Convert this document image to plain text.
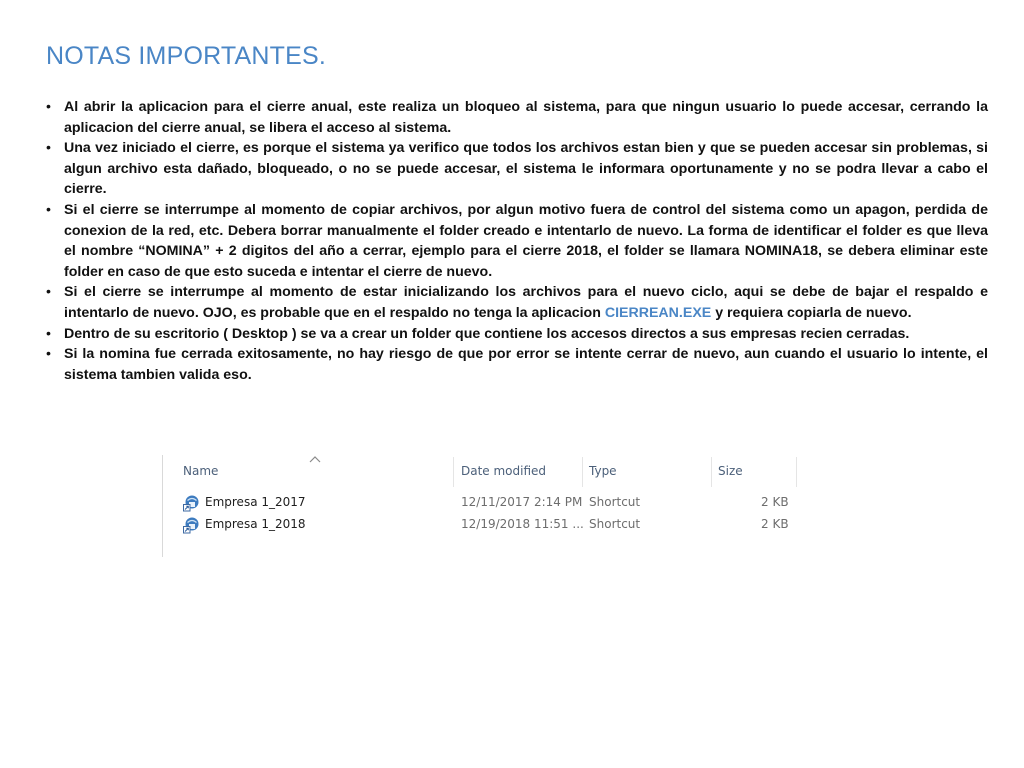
NOTAS IMPORTANTES.
• Al abrir la aplicacion para el cierre anual, este realiza un bloqueo al sistema, para que ningun usuario lo puede accesar, cerrando la aplicacion del cierre anual, se libera el acceso al sistema.
• Una vez iniciado el cierre, es porque el sistema ya verifico que todos los archivos estan bien y que se pueden accesar sin problemas, si algun archivo esta dañado, bloqueado, o no se puede accesar, el sistema le informara oportunamente y no se podra llevar a cabo el cierre.
• Si el cierre se interrumpe al momento de copiar archivos, por algun motivo fuera de control del sistema como un apagon, perdida de conexion de la red, etc. Debera borrar manualmente el folder creado e intentarlo de nuevo. La forma de identificar el folder es que lleva el nombre “NOMINA” + 2 digitos del año a cerrar, ejemplo para el cierre 2018, el folder se llamara NOMINA18, se debera eliminar este folder en caso de que esto suceda e intentar el cierre de nuevo.
• Si el cierre se interrumpe al momento de estar inicializando los archivos para el nuevo ciclo, aqui se debe de bajar el respaldo e intentarlo de nuevo. OJO, es probable que en el respaldo no tenga la aplicacion CIERREAN.EXE y requiera copiarla de nuevo.
• Dentro de su escritorio ( Desktop ) se va a crear un folder que contiene los accesos directos a sus empresas recien cerradas.
• Si la nomina fue cerrada exitosamente, no hay riesgo de que por error se intente cerrar de nuevo, aun cuando el usuario lo intente, el sistema tambien valida eso.
Name	Date modified	Type	Size
Empresa 1_2017	12/11/2017 2:14 PM Shortcut	2 KB
Empresa 1_2018	12/19/2018 11:51 ... Shortcut	2 KB
